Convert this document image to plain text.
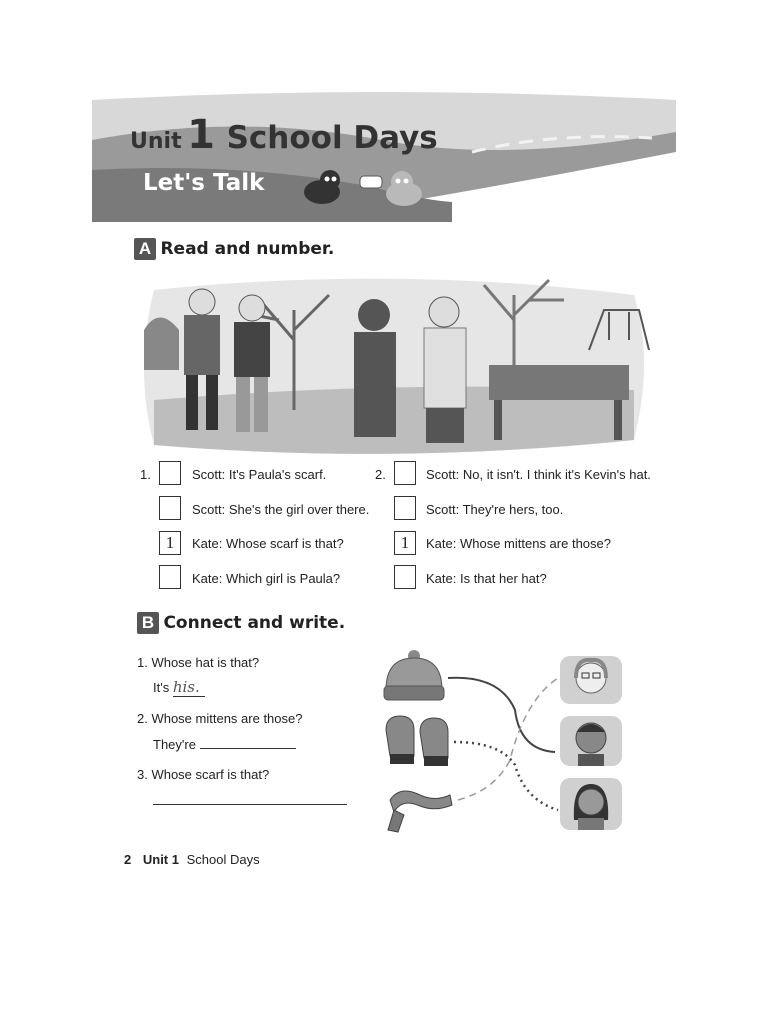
Unit 1 School Days
Let's Talk
A Read and number.
1.	2.
Scott: It's Paula's scarf.
Scott: She's the girl over there.
1	Kate: Whose scarf is that?
Kate: Which girl is Paula?
Scott: No, it isn't. I think it's Kevin's hat.
Scott: They're hers, too.
1	Kate: Whose mittens are those?
Kate: Is that her hat?
B Connect and write.
1. Whose hat is that?
It's his.
2. Whose mittens are those?
They're
3. Whose scarf is that?
2 Unit 1 School Days
